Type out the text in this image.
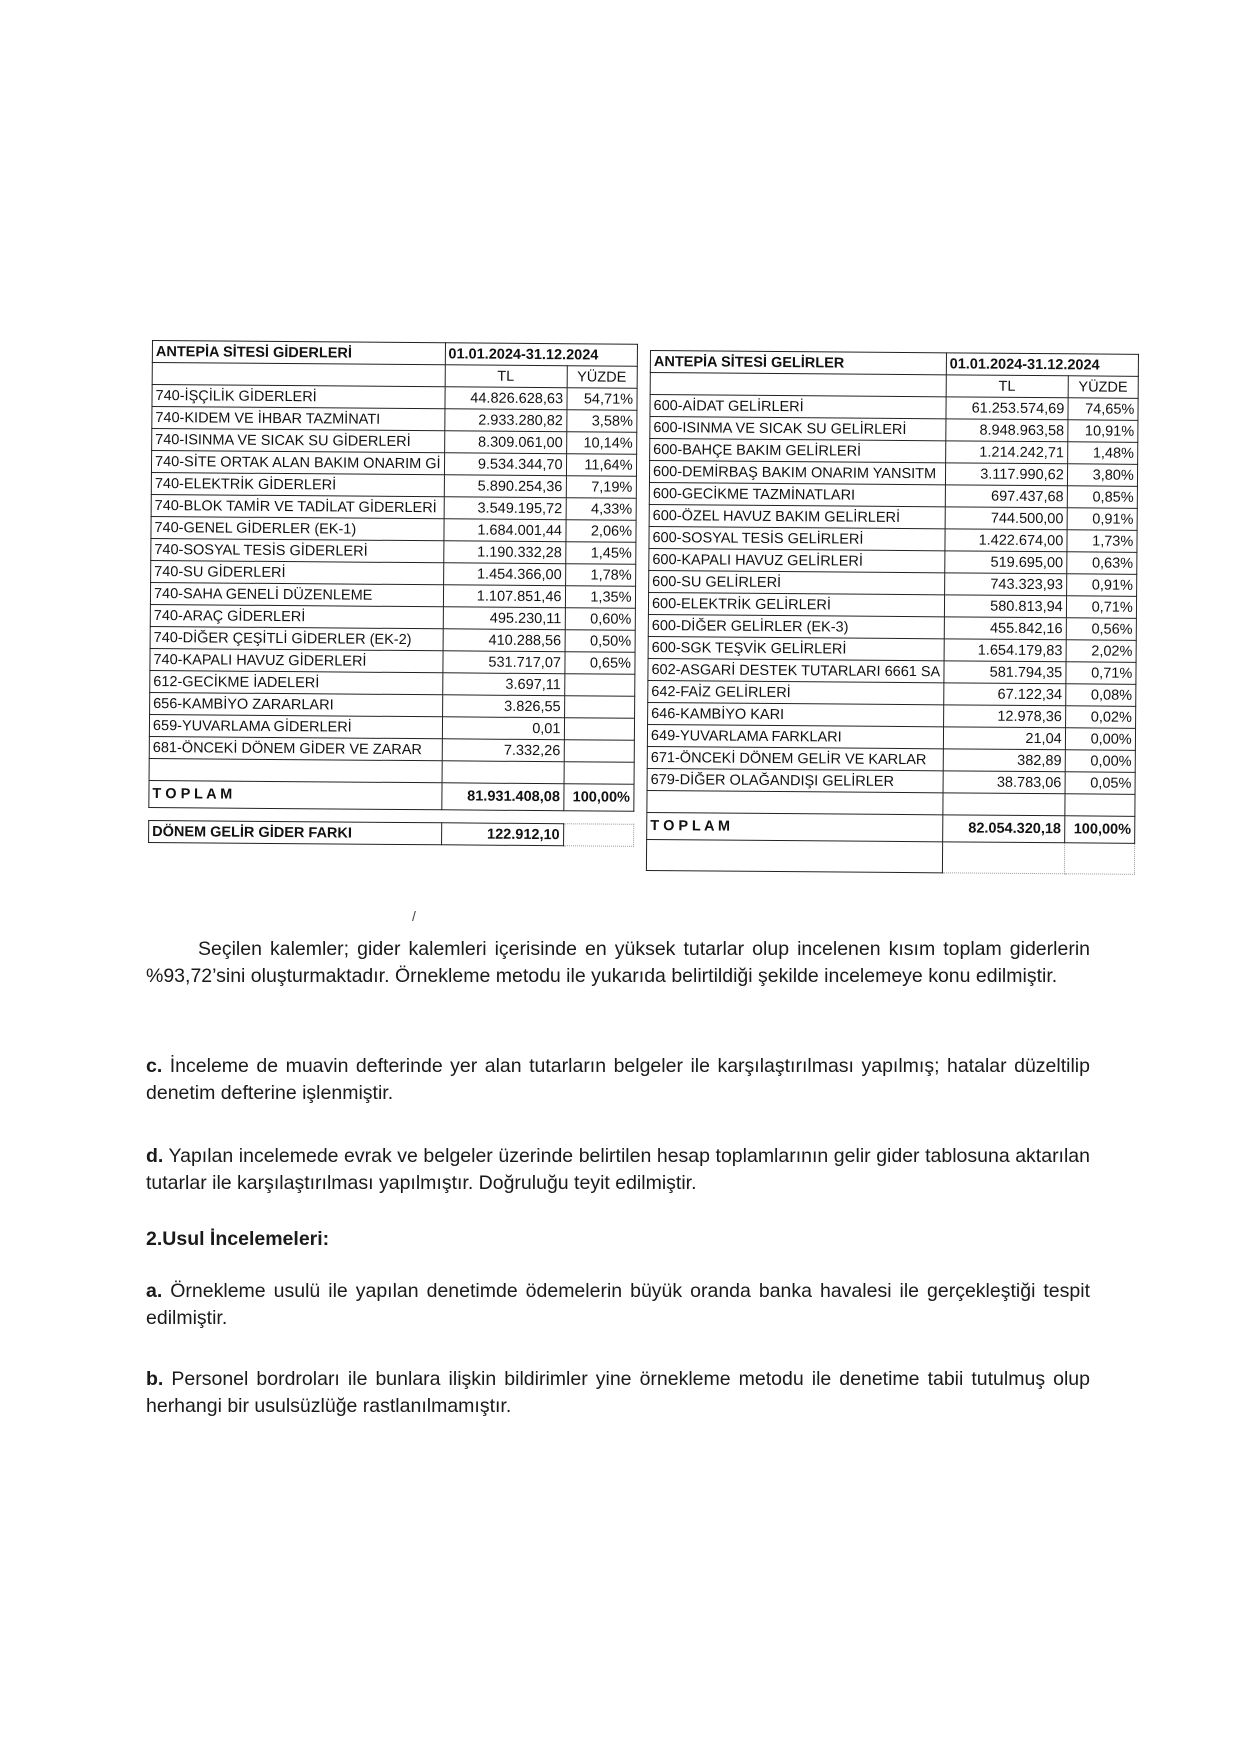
ANTEPİA SİTESİ GİDERLERİ	01.01.2024-31.12.2024	
	TL	YÜZDE
740-İŞÇİLİK GİDERLERİ	44.826.628,63	54,71%
740-KIDEM VE İHBAR TAZMİNATI	2.933.280,82	3,58%
740-ISINMA VE SICAK SU GİDERLERİ	8.309.061,00	10,14%
740-SİTE ORTAK ALAN BAKIM ONARIM Gİ	9.534.344,70	11,64%
740-ELEKTRİK GİDERLERİ	5.890.254,36	7,19%
740-BLOK TAMİR VE TADİLAT GİDERLERİ	3.549.195,72	4,33%
740-GENEL GİDERLER (EK-1)	1.684.001,44	2,06%
740-SOSYAL TESİS GİDERLERİ	1.190.332,28	1,45%
740-SU GİDERLERİ	1.454.366,00	1,78%
740-SAHA GENELİ DÜZENLEME	1.107.851,46	1,35%
740-ARAÇ GİDERLERİ	495.230,11	0,60%
740-DİĞER ÇEŞİTLİ GİDERLER (EK-2)	410.288,56	0,50%
740-KAPALI HAVUZ GİDERLERİ	531.717,07	0,65%
612-GECİKME İADELERİ	3.697,11	
656-KAMBİYO ZARARLARI	3.826,55	
659-YUVARLAMA GİDERLERİ	0,01	
681-ÖNCEKİ DÖNEM GİDER VE ZARAR	7.332,26	

T O P L A M	81.931.408,08	100,00%

DÖNEM GELİR GİDER FARKI	122.912,10	
ANTEPİA SİTESİ GELİRLER	01.01.2024-31.12.2024	
	TL	YÜZDE
600-AİDAT GELİRLERİ	61.253.574,69	74,65%
600-ISINMA VE SICAK SU GELİRLERİ	8.948.963,58	10,91%
600-BAHÇE BAKIM GELİRLERİ	1.214.242,71	1,48%
600-DEMİRBAŞ BAKIM ONARIM YANSITM	3.117.990,62	3,80%
600-GECİKME TAZMİNATLARI	697.437,68	0,85%
600-ÖZEL HAVUZ BAKIM GELİRLERİ	744.500,00	0,91%
600-SOSYAL TESİS GELİRLERİ	1.422.674,00	1,73%
600-KAPALI HAVUZ GELİRLERİ	519.695,00	0,63%
600-SU GELİRLERİ	743.323,93	0,91%
600-ELEKTRİK GELİRLERİ	580.813,94	0,71%
600-DİĞER GELİRLER (EK-3)	455.842,16	0,56%
600-SGK TEŞVİK GELİRLERİ	1.654.179,83	2,02%
602-ASGARİ DESTEK TUTARLARI 6661 SA	581.794,35	0,71%
642-FAİZ GELİRLERİ	67.122,34	0,08%
646-KAMBİYO KARI	12.978,36	0,02%
649-YUVARLAMA FARKLARI	21,04	0,00%
671-ÖNCEKİ DÖNEM GELİR VE KARLAR	382,89	0,00%
679-DİĞER OLAĞANDIŞI GELİRLER	38.783,06	0,05%

T O P L A M	82.054.320,18	100,00%

/

Seçilen kalemler; gider kalemleri içerisinde en yüksek tutarlar olup incelenen kısım toplam giderlerin %93,72’sini oluşturmaktadır. Örnekleme metodu ile yukarıda belirtildiği şekilde incelemeye konu edilmiştir.

c. İnceleme de muavin defterinde yer alan tutarların belgeler ile karşılaştırılması yapılmış; hatalar düzeltilip denetim defterine işlenmiştir.

d. Yapılan incelemede evrak ve belgeler üzerinde belirtilen hesap toplamlarının gelir gider tablosuna aktarılan tutarlar ile karşılaştırılması yapılmıştır. Doğruluğu teyit edilmiştir.

2.Usul İncelemeleri:

a. Örnekleme usulü ile yapılan denetimde ödemelerin büyük oranda banka havalesi ile gerçekleştiği tespit edilmiştir.

b. Personel bordroları ile bunlara ilişkin bildirimler yine örnekleme metodu ile denetime tabii tutulmuş olup herhangi bir usulsüzlüğe rastlanılmamıştır.
